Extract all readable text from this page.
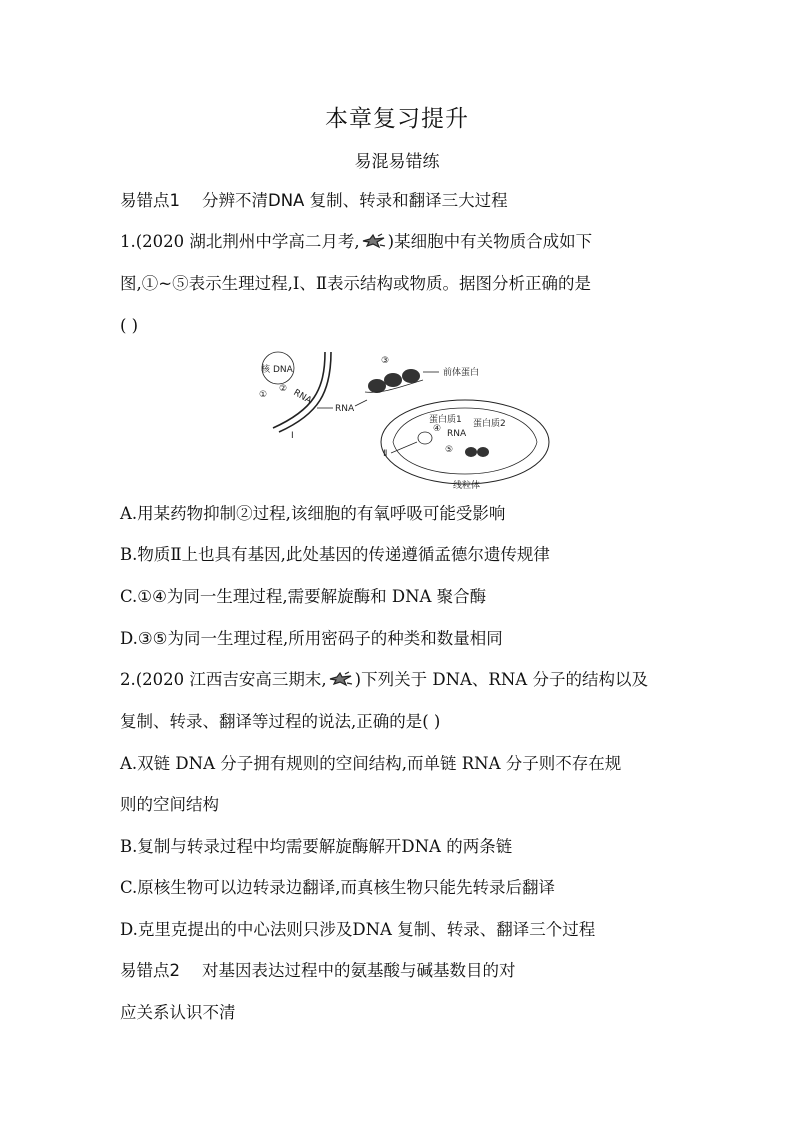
本章复习提升
易混易错练
易错点1 分辨不清DNA 复制、转录和翻译三大过程
1.(2020 湖北荆州中学高二月考, )某细胞中有关物质合成如下
图,①~⑤表示生理过程,Ⅰ、Ⅱ表示结构或物质。据图分析正确的是
( )
核 DNA
①
② RNA
Ⅰ
RNA
③
前体蛋白
蛋白质1 蛋白质2
④ RNA
⑤
Ⅱ
线粒体
A.用某药物抑制②过程,该细胞的有氧呼吸可能受影响
B.物质Ⅱ上也具有基因,此处基因的传递遵循孟德尔遗传规律
C.①④为同一生理过程,需要解旋酶和 DNA 聚合酶
D.③⑤为同一生理过程,所用密码子的种类和数量相同
2.(2020 江西吉安高三期末, )下列关于 DNA、RNA 分子的结构以及
复制、转录、翻译等过程的说法,正确的是( )
A.双链 DNA 分子拥有规则的空间结构,而单链 RNA 分子则不存在规
则的空间结构
B.复制与转录过程中均需要解旋酶解开DNA 的两条链
C.原核生物可以边转录边翻译,而真核生物只能先转录后翻译
D.克里克提出的中心法则只涉及DNA 复制、转录、翻译三个过程
易错点2 对基因表达过程中的氨基酸与碱基数目的对
应关系认识不清
